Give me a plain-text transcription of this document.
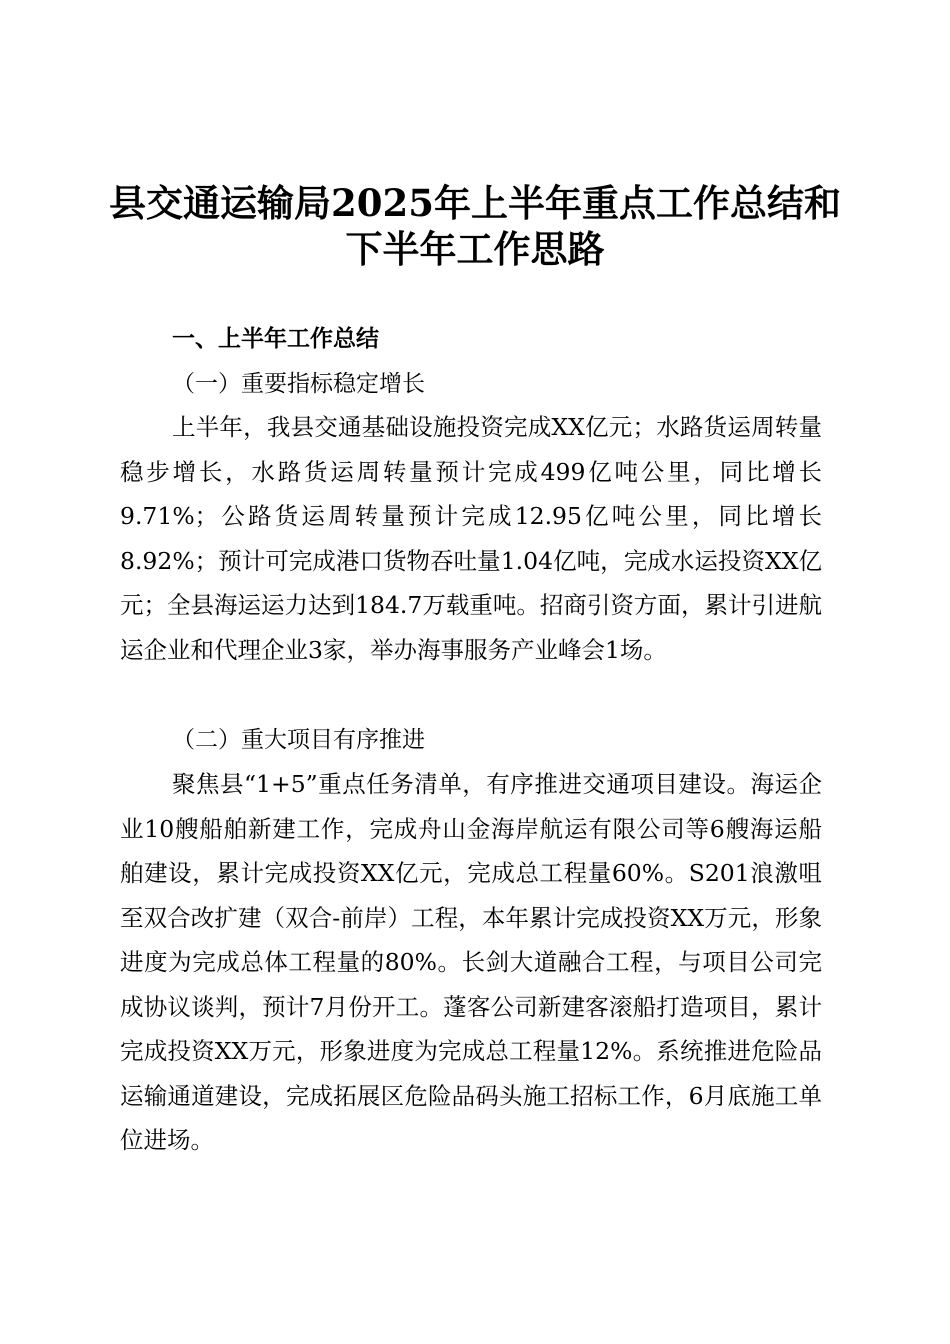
县交通运输局2025年上半年重点工作总结和
下半年工作思路
一、上半年工作总结
（一）重要指标稳定增长
上半年，我县交通基础设施投资完成XX亿元；水路货运周转量稳步增长，水路货运周转量预计完成499亿吨公里，同比增长9.71%；公路货运周转量预计完成12.95亿吨公里，同比增长8.92%；预计可完成港口货物吞吐量1.04亿吨，完成水运投资XX亿元；全县海运运力达到184.7万载重吨。招商引资方面，累计引进航运企业和代理企业3家，举办海事服务产业峰会1场。
（二）重大项目有序推进
聚焦县“1+5”重点任务清单，有序推进交通项目建设。海运企业10艘船舶新建工作，完成舟山金海岸航运有限公司等6艘海运船舶建设，累计完成投资XX亿元，完成总工程量60%。S201浪激咀至双合改扩建（双合-前岸）工程，本年累计完成投资XX万元，形象进度为完成总体工程量的80%。长剑大道融合工程，与项目公司完成协议谈判，预计7月份开工。蓬客公司新建客滚船打造项目，累计完成投资XX万元，形象进度为完成总工程量12%。系统推进危险品运输通道建设，完成拓展区危险品码头施工招标工作，6月底施工单位进场。
